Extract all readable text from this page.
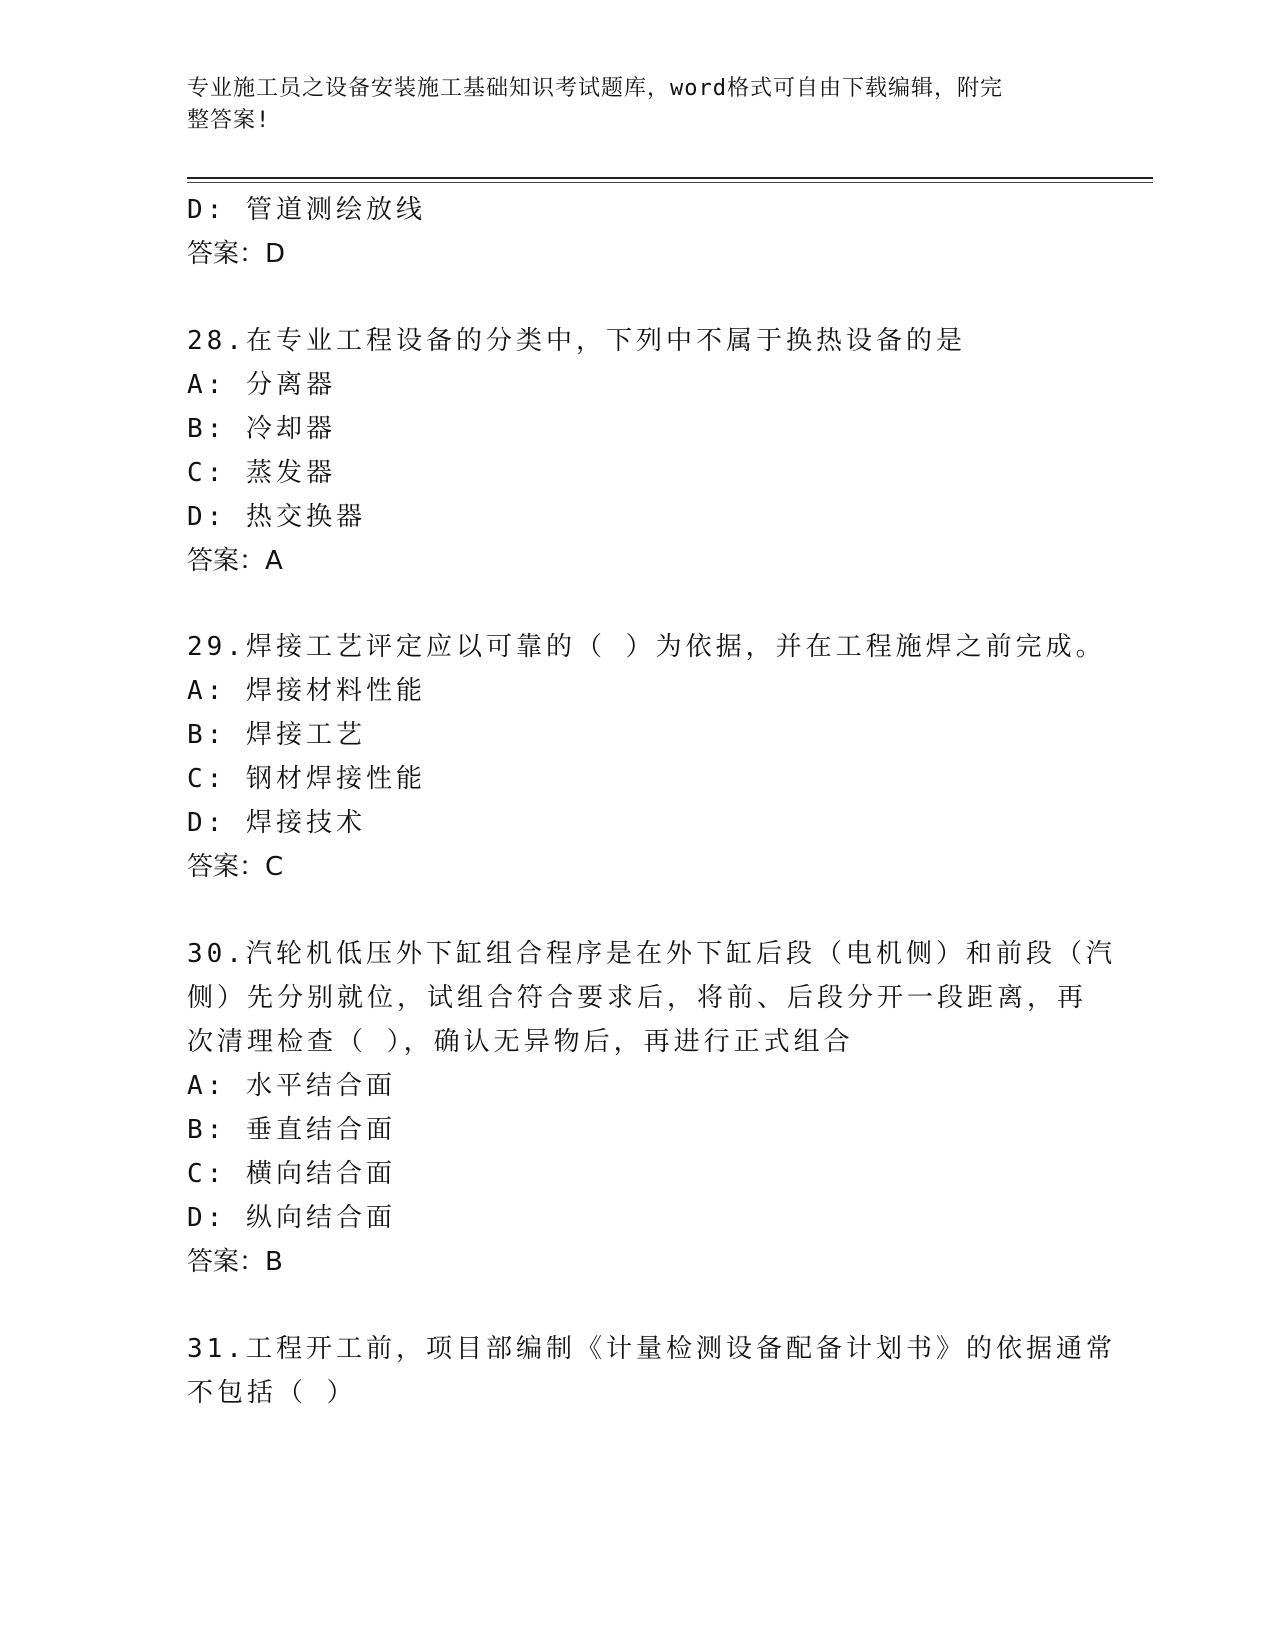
专业施工员之设备安装施工基础知识考试题库，word格式可自由下载编辑，附完
整答案!
D: 管道测绘放线
答案：D
28.在专业工程设备的分类中，下列中不属于换热设备的是
A: 分离器
B: 冷却器
C: 蒸发器
D: 热交换器
答案：A
29.焊接工艺评定应以可靠的（ ）为依据，并在工程施焊之前完成。
A: 焊接材料性能
B: 焊接工艺
C: 钢材焊接性能
D: 焊接技术
答案：C
30.汽轮机低压外下缸组合程序是在外下缸后段（电机侧）和前段（汽
侧）先分别就位，试组合符合要求后，将前、后段分开一段距离，再
次清理检查（ ），确认无异物后，再进行正式组合
A: 水平结合面
B: 垂直结合面
C: 横向结合面
D: 纵向结合面
答案：B
31.工程开工前，项目部编制《计量检测设备配备计划书》的依据通常
不包括（ ）
